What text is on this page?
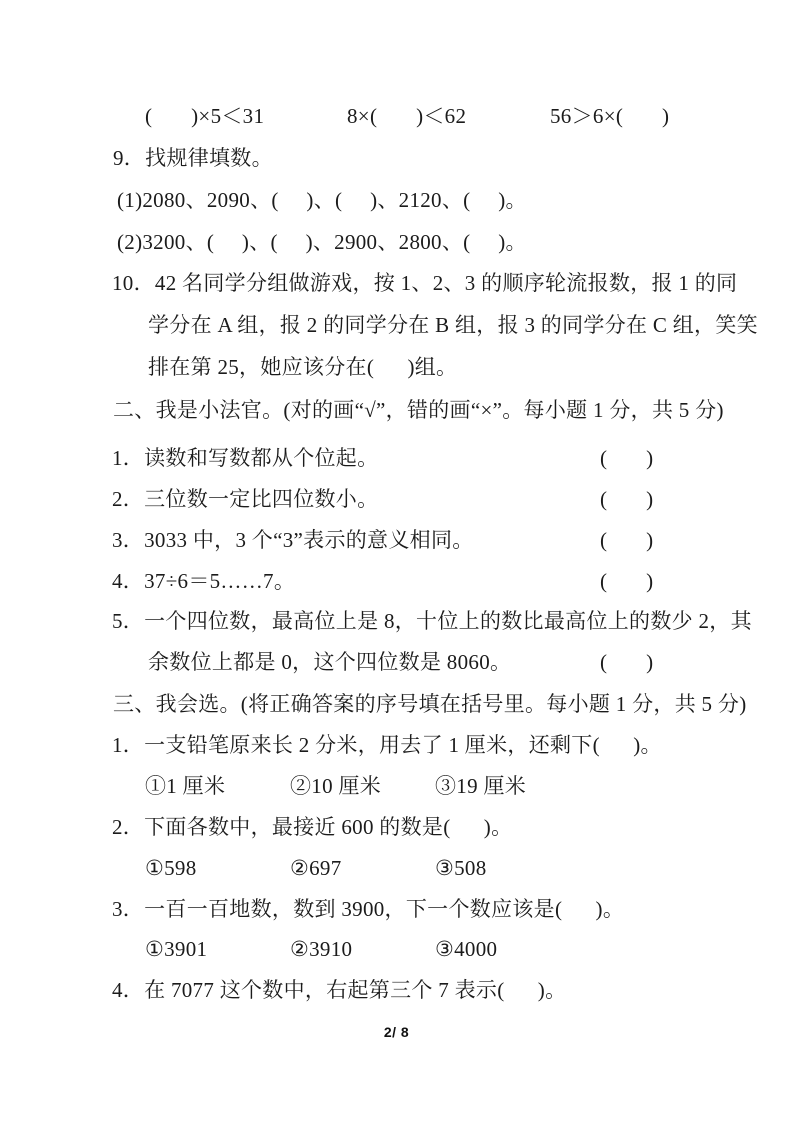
(       )×5＜31	8×(       )＜62	56＞6×(       )
9．找规律填数。
(1)2080、2090、(     )、(     )、2120、(     )。
(2)3200、(     )、(     )、2900、2800、(     )。
10．42 名同学分组做游戏，按 1、2、3 的顺序轮流报数，报 1 的同
学分在 A 组，报 2 的同学分在 B 组，报 3 的同学分在 C 组，笑笑
排在第 25，她应该分在(      )组。
二、我是小法官。(对的画“√”，错的画“×”。每小题 1 分，共 5 分)
1．读数和写数都从个位起。	(       )
2．三位数一定比四位数小。	(       )
3．3033 中，3 个“3”表示的意义相同。	(       )
4．37÷6＝5……7。	(       )
5．一个四位数，最高位上是 8，十位上的数比最高位上的数少 2，其
余数位上都是 0，这个四位数是 8060。	(       )
三、我会选。(将正确答案的序号填在括号里。每小题 1 分，共 5 分)
1．一支铅笔原来长 2 分米，用去了 1 厘米，还剩下(      )。
①1 厘米	②10 厘米	③19 厘米
2．下面各数中，最接近 600 的数是(      )。
①598	②697	③508
3．一百一百地数，数到 3900，下一个数应该是(      )。
①3901	②3910	③4000
4．在 7077 这个数中，右起第三个 7 表示(      )。
2/ 8
